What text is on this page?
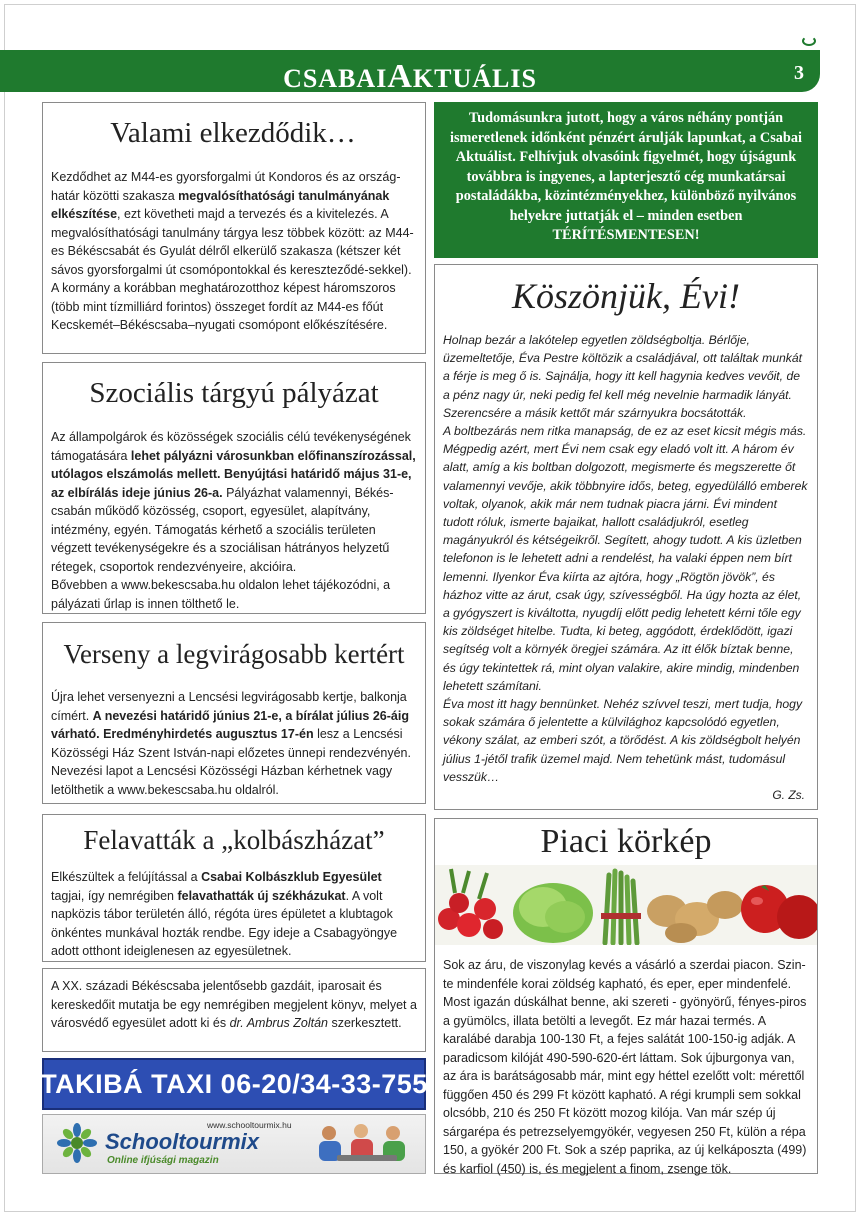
CSABAIAKTUÁLIS	3
Valami elkezdődik…

Kezdődhet az M44-es gyorsforgalmi út Kondoros és az ország-határ közötti szakasza megvalósíthatósági tanulmányának elkészítése, ezt követheti majd a tervezés és a kivitelezés. A megvalósíthatósági tanulmány tárgya lesz többek között: az M44-es Békéscsabát és Gyulát délről elkerülő szakasza (kétszer két sávos gyorsforgalmi út csomópontokkal és kereszteződé-sekkel). A kormány a korábban meghatározotthoz képest háromszoros (több mint tízmilliárd forintos) összeget fordít az M44-es főút Kecskemét–Békéscsaba–nyugati csomópont előkészítésére.

Szociális tárgyú pályázat

Az állampolgárok és közösségek szociális célú tevékenységének támogatására lehet pályázni városunkban előfinanszírozással, utólagos elszámolás mellett. Benyújtási határidő május 31-e, az elbírálás ideje június 26-a. Pályázhat valamennyi, Békés-csabán működő közösség, csoport, egyesület, alapítvány, intézmény, egyén. Támogatás kérhető a szociális területen végzett tevékenységekre és a szociálisan hátrányos helyzetű rétegek, csoportok rendezvényeire, akcióira.
Bővebben a www.bekescsaba.hu oldalon lehet tájékozódni, a pályázati űrlap is innen tölthető le.

Verseny a legvirágosabb kertért

Újra lehet versenyezni a Lencsési legvirágosabb kertje, balkonja címért. A nevezési határidő június 21-e, a bírálat július 26-áig várható. Eredményhirdetés augusztus 17-én lesz a Lencsési Közösségi Ház Szent István-napi előzetes ünnepi rendezvényén. Nevezési lapot a Lencsési Közösségi Házban kérhetnek vagy letölthetik a www.bekescsaba.hu oldalról.

Felavatták a „kolbászházat”

Elkészültek a felújítással a Csabai Kolbászklub Egyesület tagjai, így nemrégiben felavathatták új székházukat. A volt napközis tábor területén álló, régóta üres épületet a klubtagok önkéntes munkával hozták rendbe. Egy ideje a Csabagyöngye adott otthont ideiglenesen az egyesületnek.

A XX. századi Békéscsaba jelentősebb gazdáit, iparosait és kereskedőit mutatja be egy nemrégiben megjelent könyv, melyet a városvédő egyesület adott ki és dr. Ambrus Zoltán szerkesztett.

TAKIBÁ TAXI 06-20/34-33-755
www.schooltourmix.hu
Schooltourmix
Online ifjúsági magazin
Tudomásunkra jutott, hogy a város néhány pontján ismeretlenek időnként pénzért árulják lapunkat, a Csabai Aktuálist. Felhívjuk olvasóink figyelmét, hogy újságunk továbbra is ingyenes, a lapterjesztő cég munkatársai postaládákba, közintézményekhez, különböző nyilvános helyekre juttatják el – minden esetben TÉRÍTÉSMENTESEN!
Köszönjük, Évi!

Holnap bezár a lakótelep egyetlen zöldségboltja. Bérlője, üzemeltetője, Éva Pestre költözik a családjával, ott találtak munkát a férje is meg ő is. Sajnálja, hogy itt kell hagynia kedves vevőit, de a pénz nagy úr, neki pedig fel kell még nevelnie harmadik lányát. Szerencsére a másik kettőt már szárnyukra bocsátották.

A boltbezárás nem ritka manapság, de ez az eset kicsit mégis más. Mégpedig azért, mert Évi nem csak egy eladó volt itt. A három év alatt, amíg a kis boltban dolgozott, megismerte és megszerette őt valamennyi vevője, akik többnyire idős, beteg, egyedülálló emberek voltak, olyanok, akik már nem tudnak piacra járni. Évi mindent tudott róluk, ismerte bajaikat, hallott családjukról, esetleg magányukról és kétségeikről. Segített, ahogy tudott. A kis üzletben telefonon is le lehetett adni a rendelést, ha valaki éppen nem bírt lemenni. Ilyenkor Éva kiírta az ajtóra, hogy „Rögtön jövök”, és házhoz vitte az árut, csak úgy, szívességből. Ha úgy hozta az élet, a gyógyszert is kiváltotta, nyugdíj előtt pedig lehetett kérni tőle egy kis zöldséget hitelbe. Tudta, ki beteg, aggódott, érdeklődött, igazi segítség volt a környék öregjei számára. Az itt élők bíztak benne, és úgy tekintettek rá, mint olyan valakire, akire mindig, mindenben lehetett számítani.

Éva most itt hagy bennünket. Nehéz szívvel teszi, mert tudja, hogy sokak számára ő jelentette a külvilághoz kapcsolódó egyetlen, vékony szálat, az emberi szót, a törődést. A kis zöldségbolt helyén július 1-jétől trafik üzemel majd. Nem tehetünk mást, tudomásul vesszük…

G. Zs.
Piaci körkép

Sok az áru, de viszonylag kevés a vásárló a szerdai piacon. Szin-te mindenféle korai zöldség kapható, és eper, eper mindenfelé. Most igazán dúskálhat benne, aki szereti - gyönyörű, fényes-piros a gyümölcs, illata betölti a levegőt. Ez már hazai termés. A karalábé darabja 100-130 Ft, a fejes salátát 100-150-ig adják. A paradicsom kilóját 490-590-620-ért láttam. Sok újburgonya van, az ára is barátságosabb már, mint egy héttel ezelőtt volt: mérettől függően 450 és 299 Ft között kapható. A régi krumpli sem sokkal olcsóbb, 210 és 250 Ft között mozog kilója. Van már szép új sárgarépa és petrezselyemgyökér, vegyesen 250 Ft, külön a répa 150, a gyökér 200 Ft. Sok a szép paprika, az új kelkáposzta (499) és karfiol (450) is, és megjelent a finom, zsenge tök.
